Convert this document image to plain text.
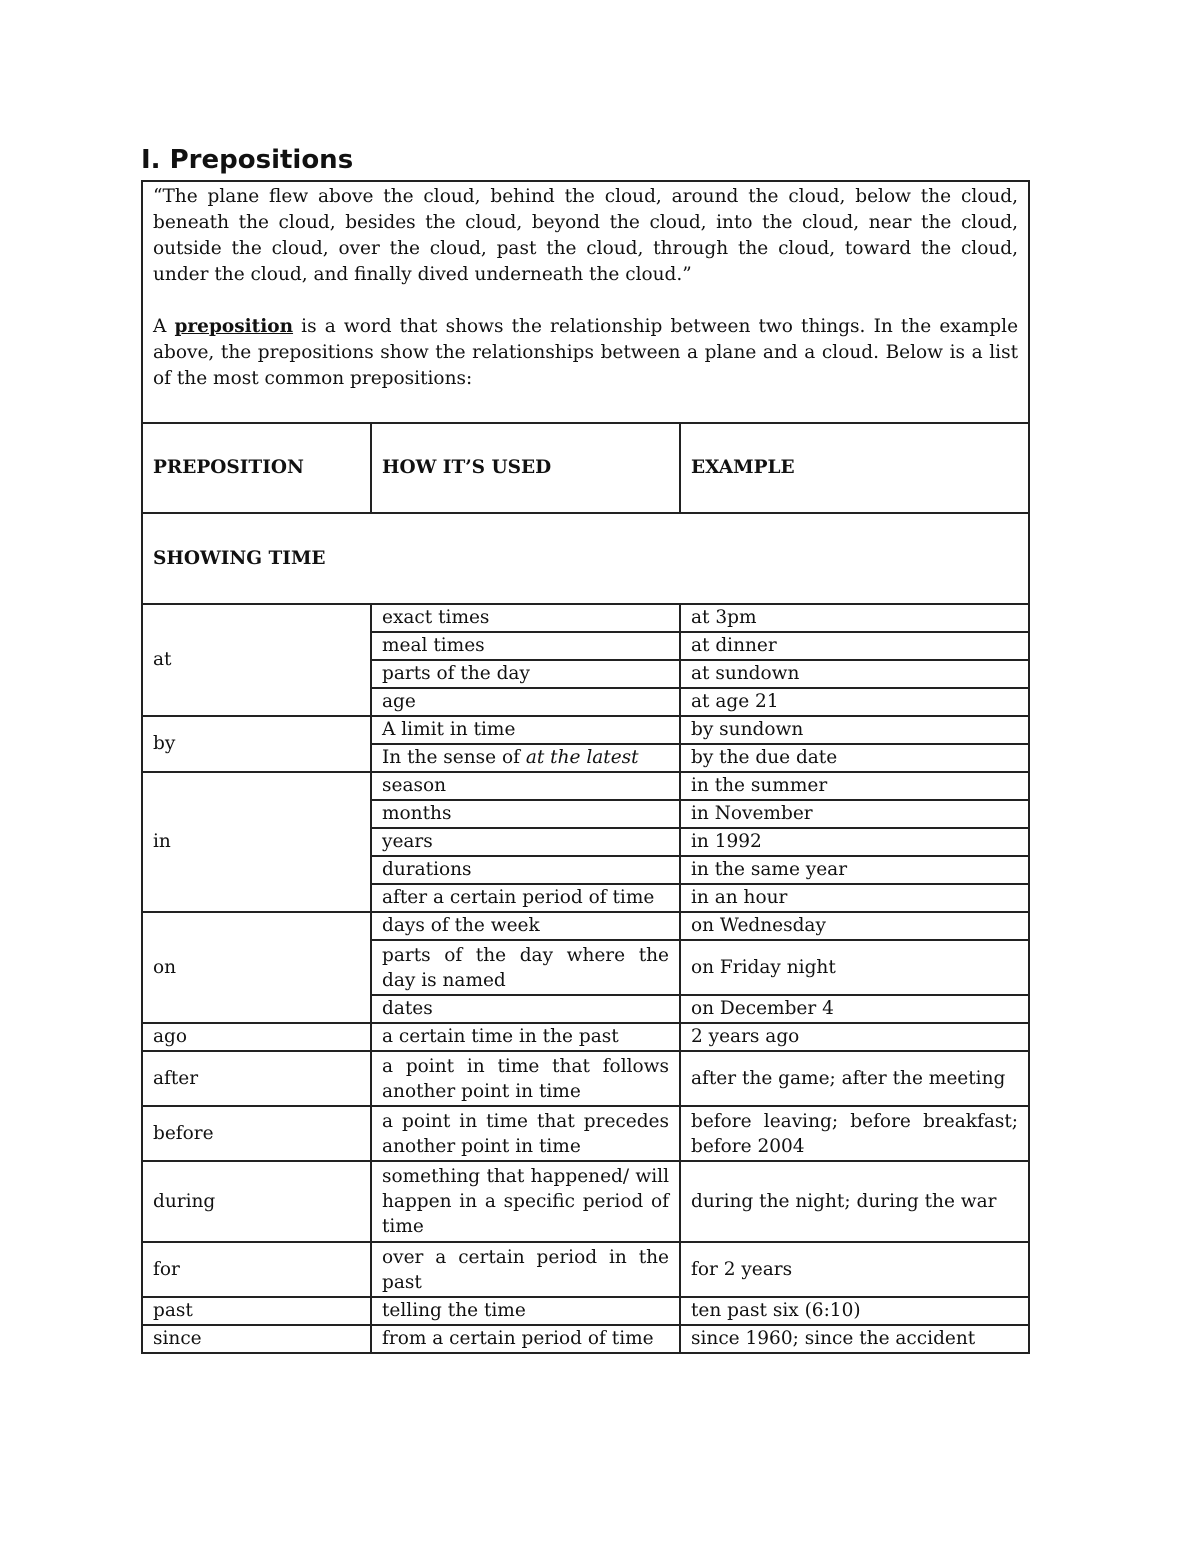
I. Prepositions

“The plane flew above the cloud, behind the cloud, around the cloud, below the cloud, beneath the cloud, besides the cloud, beyond the cloud, into the cloud, near the cloud, outside the cloud, over the cloud, past the cloud, through the cloud, toward the cloud, under the cloud, and finally dived underneath the cloud.”

A preposition is a word that shows the relationship between two things. In the example above, the prepositions show the relationships between a plane and a cloud. Below is a list of the most common prepositions:		

PREPOSITION	HOW IT’S USED	EXAMPLE
SHOWING TIME		
at	exact times	at 3pm
	meal times	at dinner
	parts of the day	at sundown
	age	at age 21
by	A limit in time	by sundown
	In the sense of at the latest	by the due date
in	season	in the summer
	months	in November
	years	in 1992
	durations	in the same year
	after a certain period of time	in an hour
on	days of the week	on Wednesday
	parts of the day where the day is named	on Friday night
	dates	on December 4
ago	a certain time in the past	2 years ago
after	a point in time that follows another point in time	after the game; after the meeting
before	a point in time that precedes another point in time	before leaving; before breakfast; before 2004
during	something that happened/ will happen in a specific period of time	during the night; during the war
for	over a certain period in the past	for 2 years
past	telling the time	ten past six (6:10)
since	from a certain period of time	since 1960; since the accident
